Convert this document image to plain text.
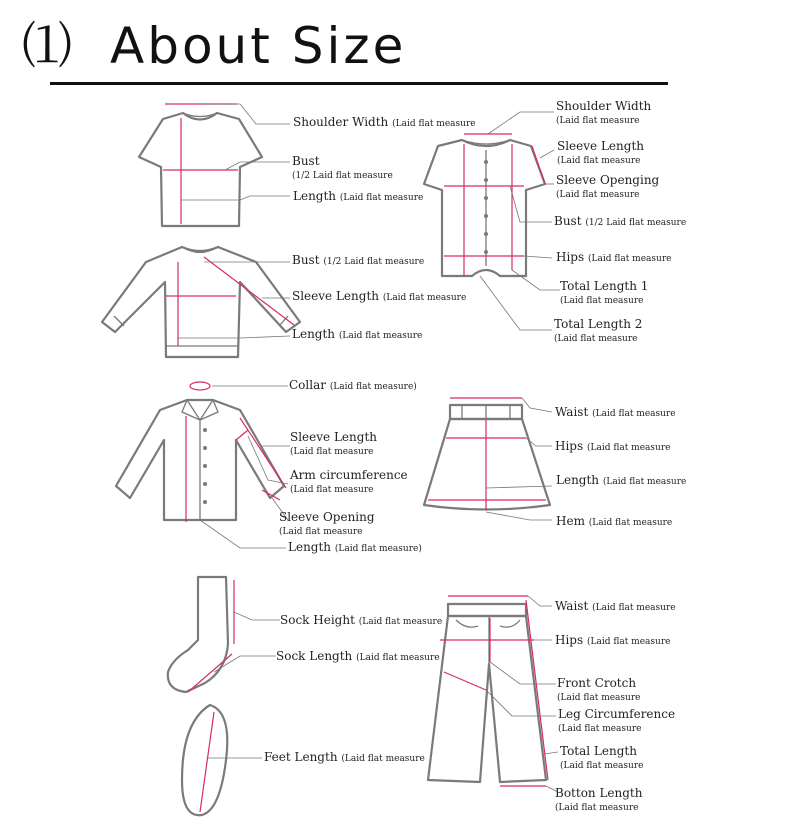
⑴ About Size
Shoulder Width (Laid flat measure
Bust
(1/2 Laid flat measure
Length (Laid flat measure
Bust (1/2 Laid flat measure
Sleeve Length (Laid flat measure
Length (Laid flat measure
Shoulder Width
(Laid flat measure
Sleeve Length
(Laid flat measure
Sleeve Openging
(Laid flat measure
Bust (1/2 Laid flat measure
Hips (Laid flat measure
Total Length 1
(Laid flat measure
Total Length 2
(Laid flat measure
Collar (Laid flat measure)
Sleeve Length
(Laid flat measure
Arm circumference
(Laid flat measure
Sleeve Opening
(Laid flat measure
Length (Laid flat measure)
Waist (Laid flat measure
Hips (Laid flat measure
Length (Laid flat measure
Hem (Laid flat measure
Sock Height (Laid flat measure
Sock Length (Laid flat measure
Feet Length (Laid flat measure
Waist (Laid flat measure
Hips (Laid flat measure
Front Crotch
(Laid flat measure
Leg Circumference
(Laid flat measure
Total Length
(Laid flat measure
Botton Length
(Laid flat measure
